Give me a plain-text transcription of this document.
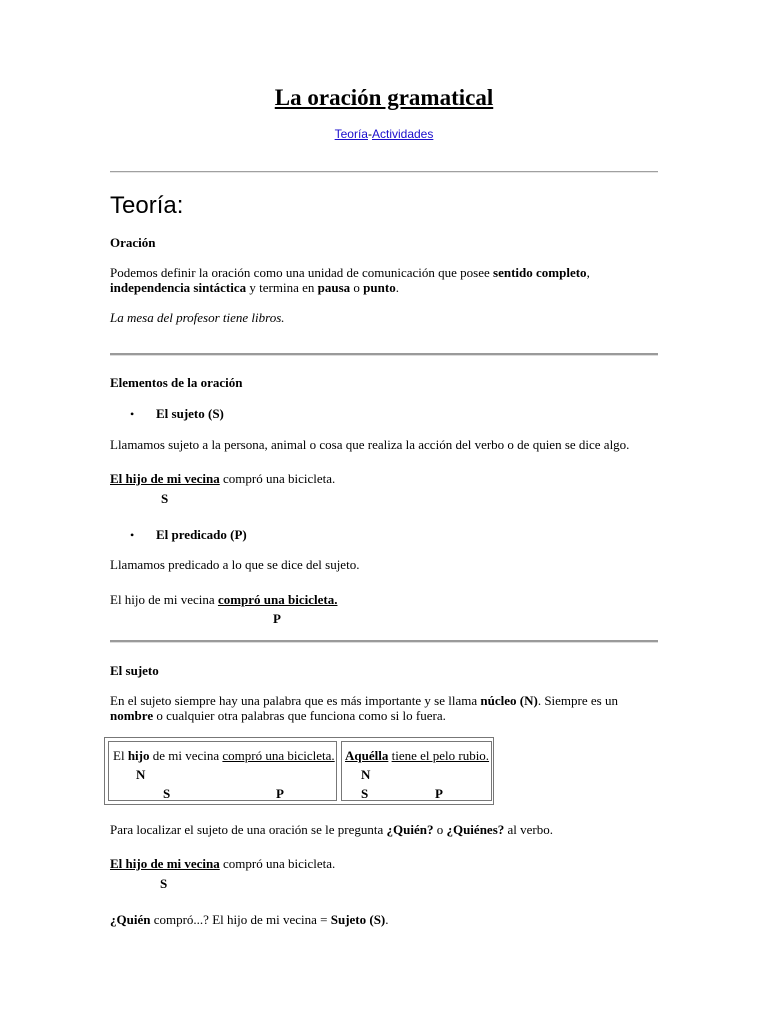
La oración gramatical
Teoría-Actividades
Teoría:
Oración
Podemos definir la oración como una unidad de comunicación que posee sentido completo,
independencia sintáctica y termina en pausa o punto.
La mesa del profesor tiene libros.
Elementos de la oración
• El sujeto (S)
Llamamos sujeto a la persona, animal o cosa que realiza la acción del verbo o de quien se dice algo.
El hijo de mi vecina compró una bicicleta.
S
• El predicado (P)
Llamamos predicado a lo que se dice del sujeto.
El hijo de mi vecina compró una bicicleta.
P
El sujeto
En el sujeto siempre hay una palabra que es más importante y se llama núcleo (N). Siempre es un
nombre o cualquier otra palabras que funciona como si lo fuera.
El hijo de mi vecina compró una bicicleta.
N
S	P
Aquélla tiene el pelo rubio.
N
S	P
Para localizar el sujeto de una oración se le pregunta ¿Quién? o ¿Quiénes? al verbo.
El hijo de mi vecina compró una bicicleta.
S
¿Quién compró...? El hijo de mi vecina = Sujeto (S).
